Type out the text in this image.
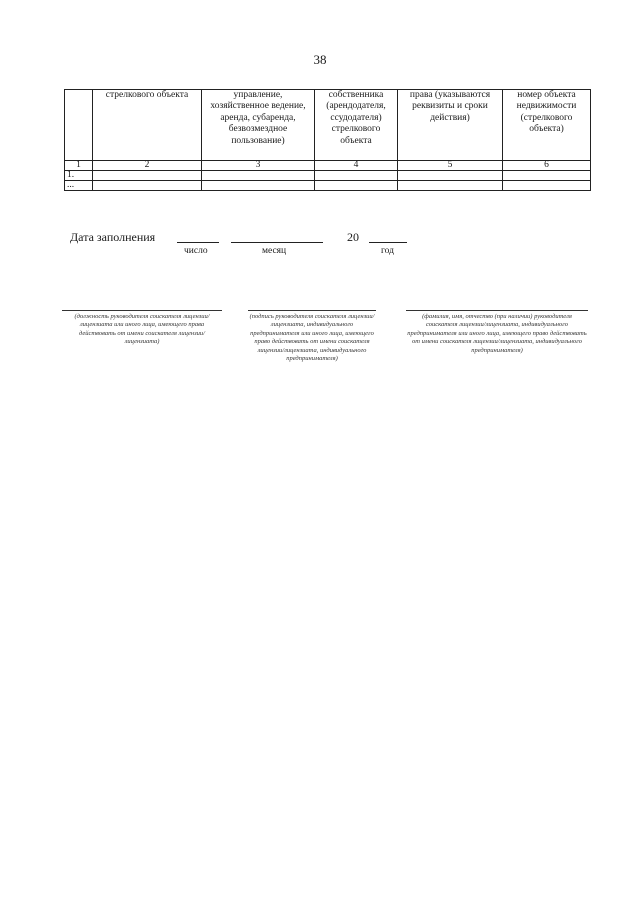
38
	стрелкового объекта	управление, хозяйственное ведение, аренда, субаренда, безвозмездное пользование)	собственника (арендодателя, ссудодателя) стрелкового объекта	права (указываются реквизиты и сроки действия)	номер объекта недвижимости (стрелкового объекта)
1	2	3	4	5	6
1.					
...					
Дата заполнения
число	месяц
20
год
(должность руководителя соискателя лицензии/лицензиата или иного лица, имеющего права действовать от имени соискателя лицензии/лицензиата)
(подпись руководителя соискателя лицензии/лицензиата, индивидуального предпринимателя или иного лица, имеющего право действовать от имени соискателя лицензии/лицензиата, индивидуального предпринимателя)
(фамилия, имя, отчество (при наличии) руководителя соискателя лицензии/лицензиата, индивидуального предпринимателя или иного лица, имеющего право действовать от имени соискателя лицензии/лицензиата, индивидуального предпринимателя)
